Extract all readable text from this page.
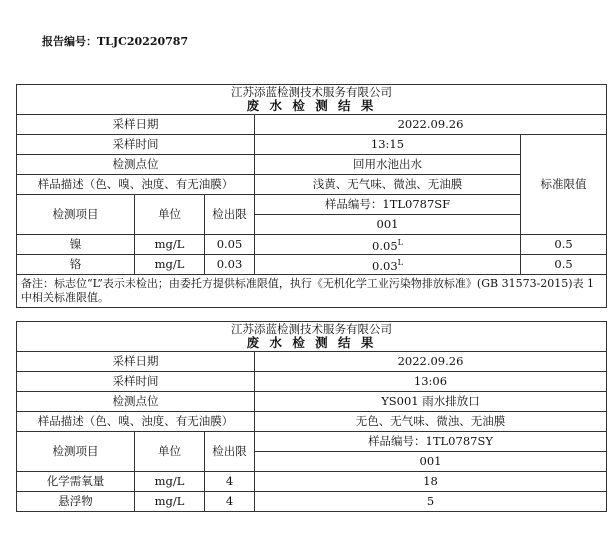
报告编号：TLJC20220787
江苏添蓝检测技术服务有限公司
废 水 检 测 结 果				

采样日期			2022.09.26	
采样时间			13:15	标准限值
检测点位			回用水池出水	
样品描述（色、嗅、浊度、有无油膜）			浅黄、无气味、微浊、无油膜	
检测项目	单位	检出限	样品编号：1TL0787SF	
			001	
镍	mg/L	0.05	$0.05^L$	0.5
铬	mg/L	0.03	$0.03^L$	0.5
备注：标志位“L”表示未检出；由委托方提供标准限值，执行《无机化学工业污染物排放标准》(GB 31573-2015)表 1 中相关标准限值。				
江苏添蓝检测技术服务有限公司
废 水 检 测 结 果			

采样日期			2022.09.26
采样时间			13:06
检测点位			YS001 雨水排放口
样品描述（色、嗅、浊度、有无油膜）			无色、无气味、微浊、无油膜
检测项目	单位	检出限	样品编号：1TL0787SY
			001
化学需氧量	mg/L	4	18
悬浮物	mg/L	4	5
